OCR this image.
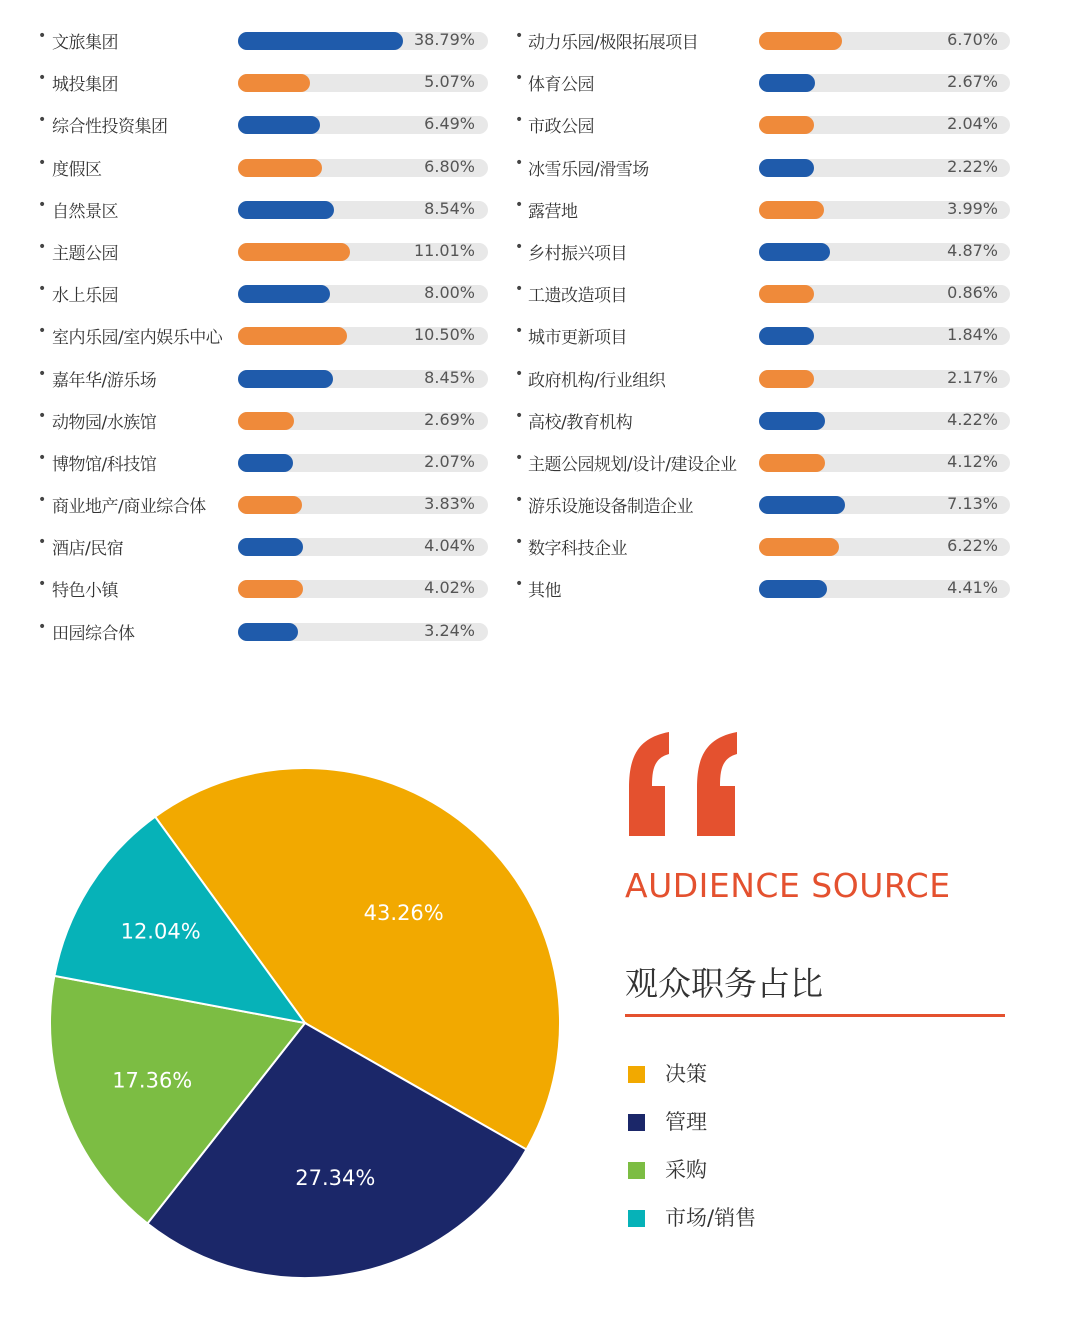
• 文旅集团	38.79%
• 城投集团	5.07%
• 综合性投资集团	6.49%
• 度假区	6.80%
• 自然景区	8.54%
• 主题公园	11.01%
• 水上乐园	8.00%
• 室内乐园/室内娱乐中心	10.50%
• 嘉年华/游乐场	8.45%
• 动物园/水族馆	2.69%
• 博物馆/科技馆	2.07%
• 商业地产/商业综合体	3.83%
• 酒店/民宿	4.04%
• 特色小镇	4.02%
• 田园综合体	3.24%
• 动力乐园/极限拓展项目	6.70%
• 体育公园	2.67%
• 市政公园	2.04%
• 冰雪乐园/滑雪场	2.22%
• 露营地	3.99%
• 乡村振兴项目	4.87%
• 工遗改造项目	0.86%
• 城市更新项目	1.84%
• 政府机构/行业组织	2.17%
• 高校/教育机构	4.22%
• 主题公园规划/设计/建设企业	4.12%
• 游乐设施设备制造企业	7.13%
• 数字科技企业	6.22%
• 其他	4.41%
43.26%
27.34%
17.36%
12.04%
AUDIENCE SOURCE
观众职务占比
决策
管理
采购
市场/销售
